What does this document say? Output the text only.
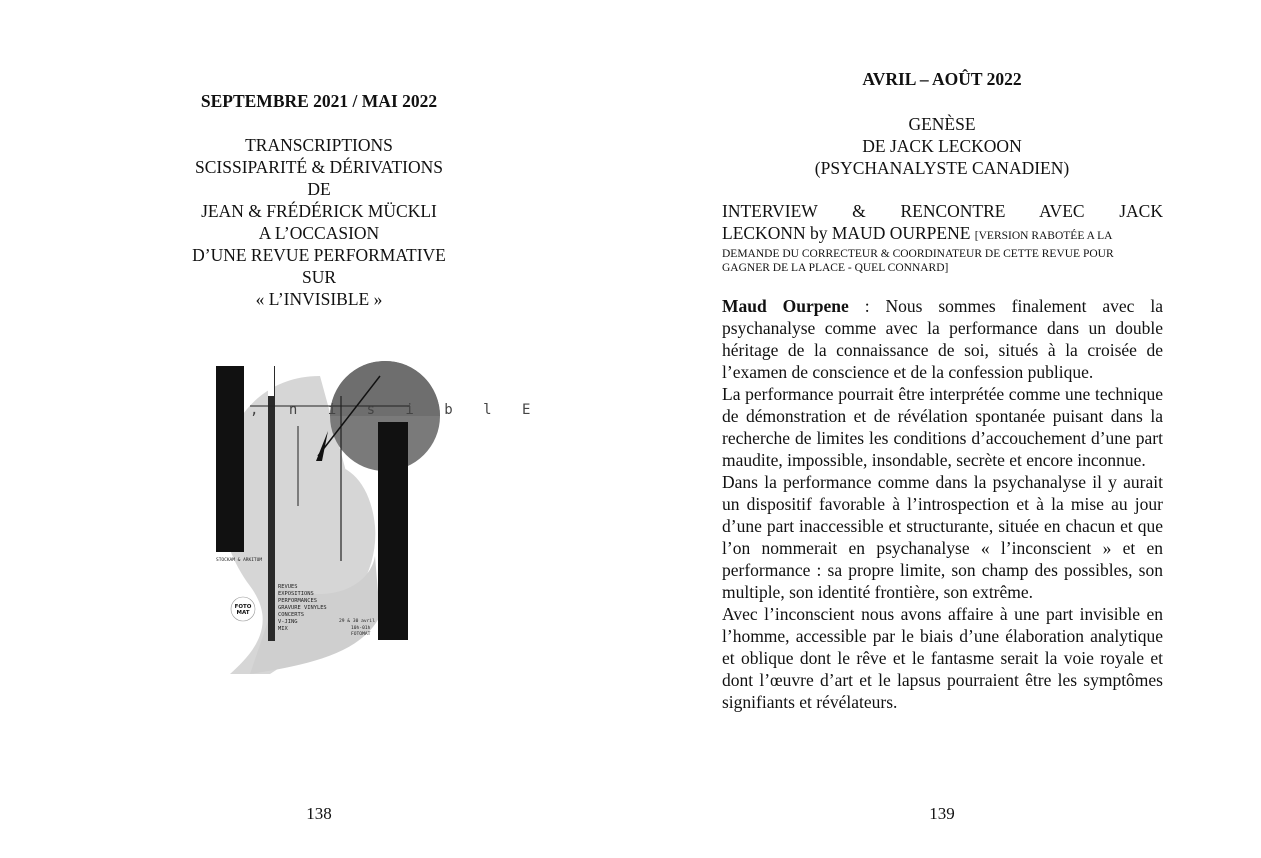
SEPTEMBRE 2021 / MAI 2022
TRANSCRIPTIONS
SCISSIPARITÉ & DÉRIVATIONS
DE
JEAN & FRÉDÉRICK MÜCKLI
A L’OCCASION
D’UNE REVUE PERFORMATIVE
SUR
« L’INVISIBLE »
, n i s i b l E
STOCKAM & ARKITUM
REVUES
EXPOSITIONS
PERFORMANCES
GRAVURE VINYLES
CONCERTS
V-JING
MIX
29 & 30 avril
10h-01h
FOTOMAT
FOTO
MAT
138
AVRIL – AOÛT 2022
GENÈSE
DE JACK LECKOON
(PSYCHANALYSTE CANADIEN)
INTERVIEW & RENCONTRE AVEC JACK
LECKONN by MAUD OURPENE [VERSION RABOTÉE A LA
DEMANDE DU CORRECTEUR & COORDINATEUR DE CETTE REVUE POUR
GAGNER DE LA PLACE - QUEL CONNARD]

Maud Ourpene : Nous sommes finalement avec la psychanalyse comme avec la performance dans un double héritage de la connaissance de soi, situés à la croisée de l’examen de conscience et de la confession publique.

La performance pourrait être interprétée comme une technique de démonstration et de révélation spontanée puisant dans la recherche de limites les conditions d’accouchement d’une part maudite, impossible, insondable, secrète et encore inconnue.

Dans la performance comme dans la psychanalyse il y aurait un dispositif favorable à l’introspection et à la mise au jour d’une part inaccessible et structurante, située en chacun et que l’on nommerait en psychanalyse « l’inconscient » et en performance : sa propre limite, son champ des possibles, son multiple, son identité frontière, son extrême.

Avec l’inconscient nous avons affaire à une part invisible en l’homme, accessible par le biais d’une élaboration analytique et oblique dont le rêve et le fantasme serait la voie royale et dont l’œuvre d’art et le lapsus pourraient être les symptômes signifiants et révélateurs.

139
